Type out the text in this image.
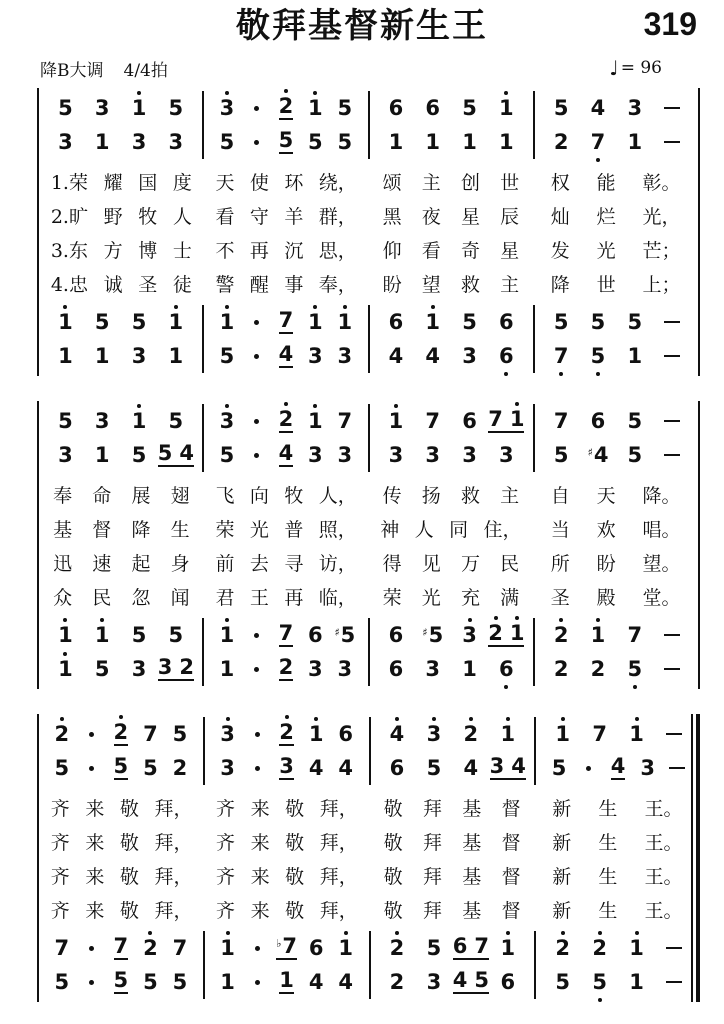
敬拜基督新生王	319
降B大调 4/4拍	♩ = 96
5 3 1 5
3 1 3 3
3 2 1 5
5 5 5 5
6 6 5 1
1 1 1 1
5 4 3
2 7 1
1.荣 耀 国 度 天 使 环 绕， 颂 主 创 世 权 能 彰。
2.旷 野 牧 人 看 守 羊 群， 黑 夜 星 辰 灿 烂 光，
3.东 方 博 士 不 再 沉 思， 仰 看 奇 星 发 光 芒；
4.忠 诚 圣 徒 警 醒 事 奉， 盼 望 救 主 降 世 上；
1 5 5 1
1 1 3 1
1 7 1 1
5 4 3 3
6 1 5 6
4 4 3 6
5 5 5
7 5 1
5 3 1 5
3 1 5 5 4
3 2 1 7
5 4 3 3
1 7 6 7 1
3 3 3 3
7 6 5
5 ♯4 5
奉 命 展 翅 飞 向 牧 人， 传 扬 救 主 自 天 降。
基 督 降 生 荣 光 普 照， 神 人 同 住， 当 欢 唱。
迅 速 起 身 前 去 寻 访， 得 见 万 民 所 盼 望。
众 民 忽 闻 君 王 再 临， 荣 光 充 满 圣 殿 堂。
1 1 5 5
1 5 3 3 2
1 7 6 ♯5
1 2 3 3
6 ♯5 3 2 1
6 3 1 6
2 1 7
2 2 5
2 2 7 5
5 5 5 2
3 2 1 6
3 3 4 4
4 3 2 1
6 5 4 3 4
1 7 1
5 4 3
齐 来 敬 拜， 齐 来 敬 拜， 敬 拜 基 督 新 生 王。
齐 来 敬 拜， 齐 来 敬 拜， 敬 拜 基 督 新 生 王。
齐 来 敬 拜， 齐 来 敬 拜， 敬 拜 基 督 新 生 王。
齐 来 敬 拜， 齐 来 敬 拜， 敬 拜 基 督 新 生 王。
7 7 2 7
5 5 5 5
1	♭7 6 1
1 1 4 4
2 5 6 7 1
2 3 4 5 6
2 2 1
5 5 1
